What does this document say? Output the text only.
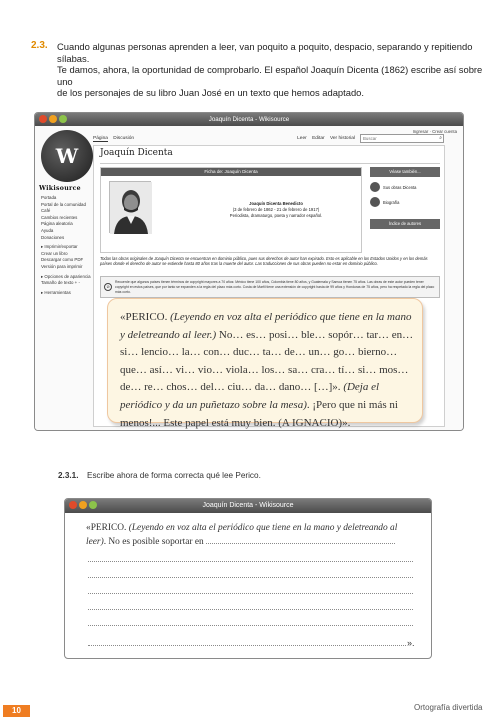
2.3. Cuando algunas personas aprenden a leer, van poquito a poquito, despacio, separando y repitiendo sílabas.
Te damos, ahora, la oportunidad de comprobarlo. El español Joaquín Dicenta (1862) escribe así sobre uno
de los personajes de su libro Juan José en un texto que hemos adaptado.
Joaquín Dicenta - Wikisource
W
Wikisource
Portada
Portal de la comunidad
Café
Cambios recientes
Página aleatoria
Ayuda
Donaciones
▸ Imprimir/exportar
Crear un libro
Descargar como PDF
Versión para imprimir
▸ Opciones de apariencia
Tamaño de texto + -
▸ Herramientas
Ingresar · Crear cuenta
Página Discusión	Leer Editar Ver historial	Buscar	⌕
Joaquín Dicenta
Ficha de: Joaquín Dicenta
Joaquín Dicenta Benedicto
(3 de febrero de 1862 - 21 de febrero de 1917)
Periodista, dramaturgo, poeta y narrador español.
Véase también...
Sus obras Dicenta
Biografía
Índice de autores
Todas las obras originales de Joaquín Dicenta se encuentran en dominio público, pues sus derechos de autor han expirado. Esto es aplicable en los Estados Unidos y en los demás países donde el derecho de autor se extiende hasta 80 años tras la muerte del autor. Las traducciones de sus obras pueden no estar en dominio público.
⊘
Recuerde que algunos países tienen términos de copyright mayores a 70 años: México tiene 100 años, Colombia tiene 80 años, y Guatemala y Samoa tienen 75 años. Las obras de este autor pueden tener copyright en estos países, que por tanto se expanden a la regla del plazo más corto. Costa de Marfil tiene una extensión de copyright hasta de 99 años y Honduras de 75 años, pero ha respetado la regla del plazo más corto.
«PERICO. (Leyendo en voz alta el periódico que tiene en la mano y deletreando al leer.) No… es… posi… ble… sopór… tar… en… si… lencio… la… con… duc… ta… de… un… go… bierno… que… así… vi… vio… viola… los… sa… cra… tí… si… mos… de… re… chos… del… ciu… da… dano… […]». (Deja el periódico y da un puñetazo sobre la mesa). ¡Pero que ni más ni menos!... Este papel está muy bien. (A IGNACIO)».
2.3.1. Escribe ahora de forma correcta qué lee Perico.
Joaquín Dicenta - Wikisource
«PERICO. (Leyendo en voz alta el periódico que tiene en la mano y deletreando al leer). No es posible soportar en
».
10	Ortografía divertida
